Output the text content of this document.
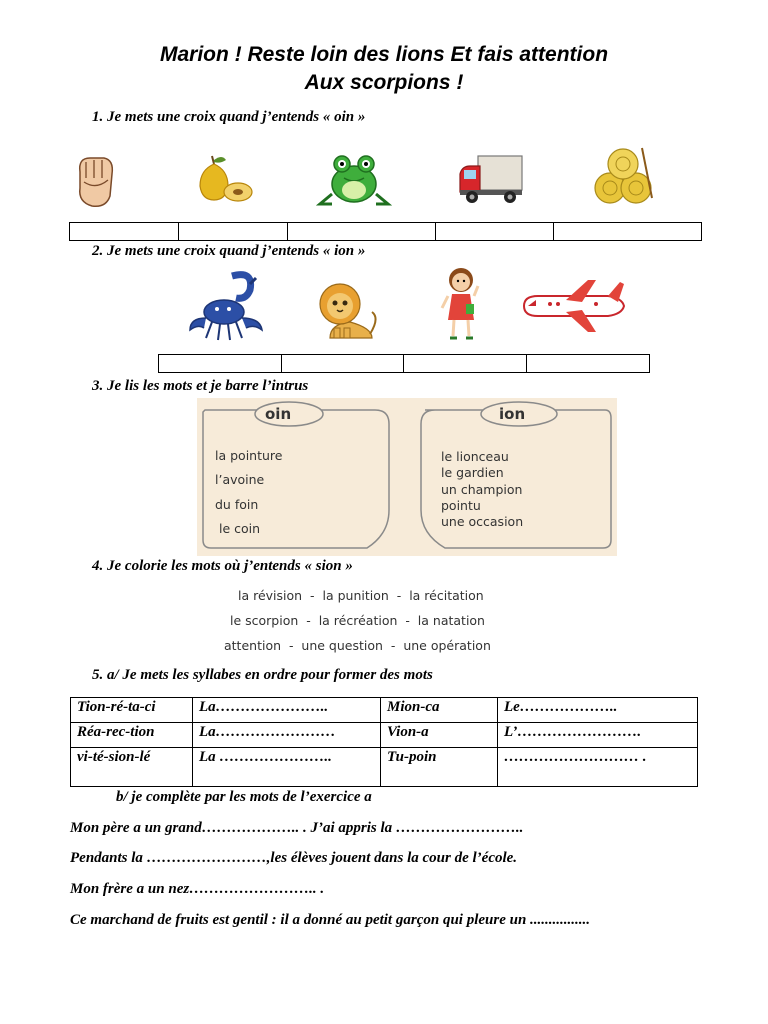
Marion ! Reste loin des lions Et fais attention
Aux scorpions !
1. Je mets une croix quand j’entends « oin »
2. Je mets une croix quand j’entends « ion »
3. Je lis les mots et je barre l’intrus
oin	ion
la pointure
l’avoine
du foin
le coin
le lionceau
le gardien
un champion
pointu
une occasion
4. Je colorie les mots où j’entends « sion »
la révision  -  la punition  -  la récitation
le scorpion  -  la récréation  -  la natation
attention  -  une question  -  une opération
5. a/ Je mets les syllabes en ordre pour former des mots
Tion-ré-ta-ci	La…………………..	Mion-ca	Le………………..
Réa-rec-tion	La……………………	Vion-a	L’…………………….
vi-té-sion-lé	La …………………..	Tu-poin	……………………… .
b/ je complète par les mots de l’exercice a
Mon père a un grand……………….. . J’ai appris la ……………………..
Pendants la ……………………,les élèves jouent dans la cour de l’école.
Mon frère a un nez…………………….. .
Ce marchand de fruits est gentil : il a donné au petit garçon qui pleure un ................
